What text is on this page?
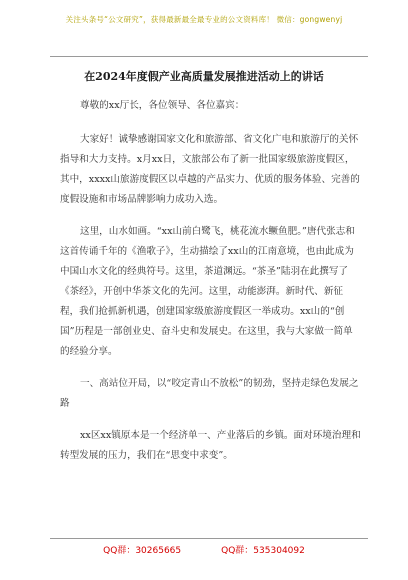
关注头条号“公文研究”，获得最新最全最专业的公文资料库！ 微信：gongwenyj
在2024年度假产业高质量发展推进活动上的讲话

尊敬的xx厅长，各位领导、各位嘉宾：

大家好！诚挚感谢国家文化和旅游部、省文化广电和旅游厅的关怀指导和大力支持。x月xx日，文旅部公布了新一批国家级旅游度假区，其中，xxxx山旅游度假区以卓越的产品实力、优质的服务体验、完善的度假设施和市场品牌影响力成功入选。

这里，山水如画。“xx山前白鹭飞，桃花流水鳜鱼肥。”唐代张志和这首传诵千年的《渔歌子》，生动描绘了xx山的江南意境，也由此成为中国山水文化的经典符号。这里，茶道渊远。“茶圣”陆羽在此撰写了《茶经》，开创中华茶文化的先河。这里，动能澎湃。新时代、新征程，我们抢抓新机遇，创建国家级旅游度假区一举成功。xx山的“创国”历程是一部创业史、奋斗史和发展史。在这里，我与大家做一简单的经验分享。

一、高站位开局，以“咬定青山不放松”的韧劲，坚持走绿色发展之路

xx区xx镇原本是一个经济单一、产业落后的乡镇。面对环境治理和转型发展的压力，我们在“思变中求变”。

QQ群：30265665	QQ群：535304092
